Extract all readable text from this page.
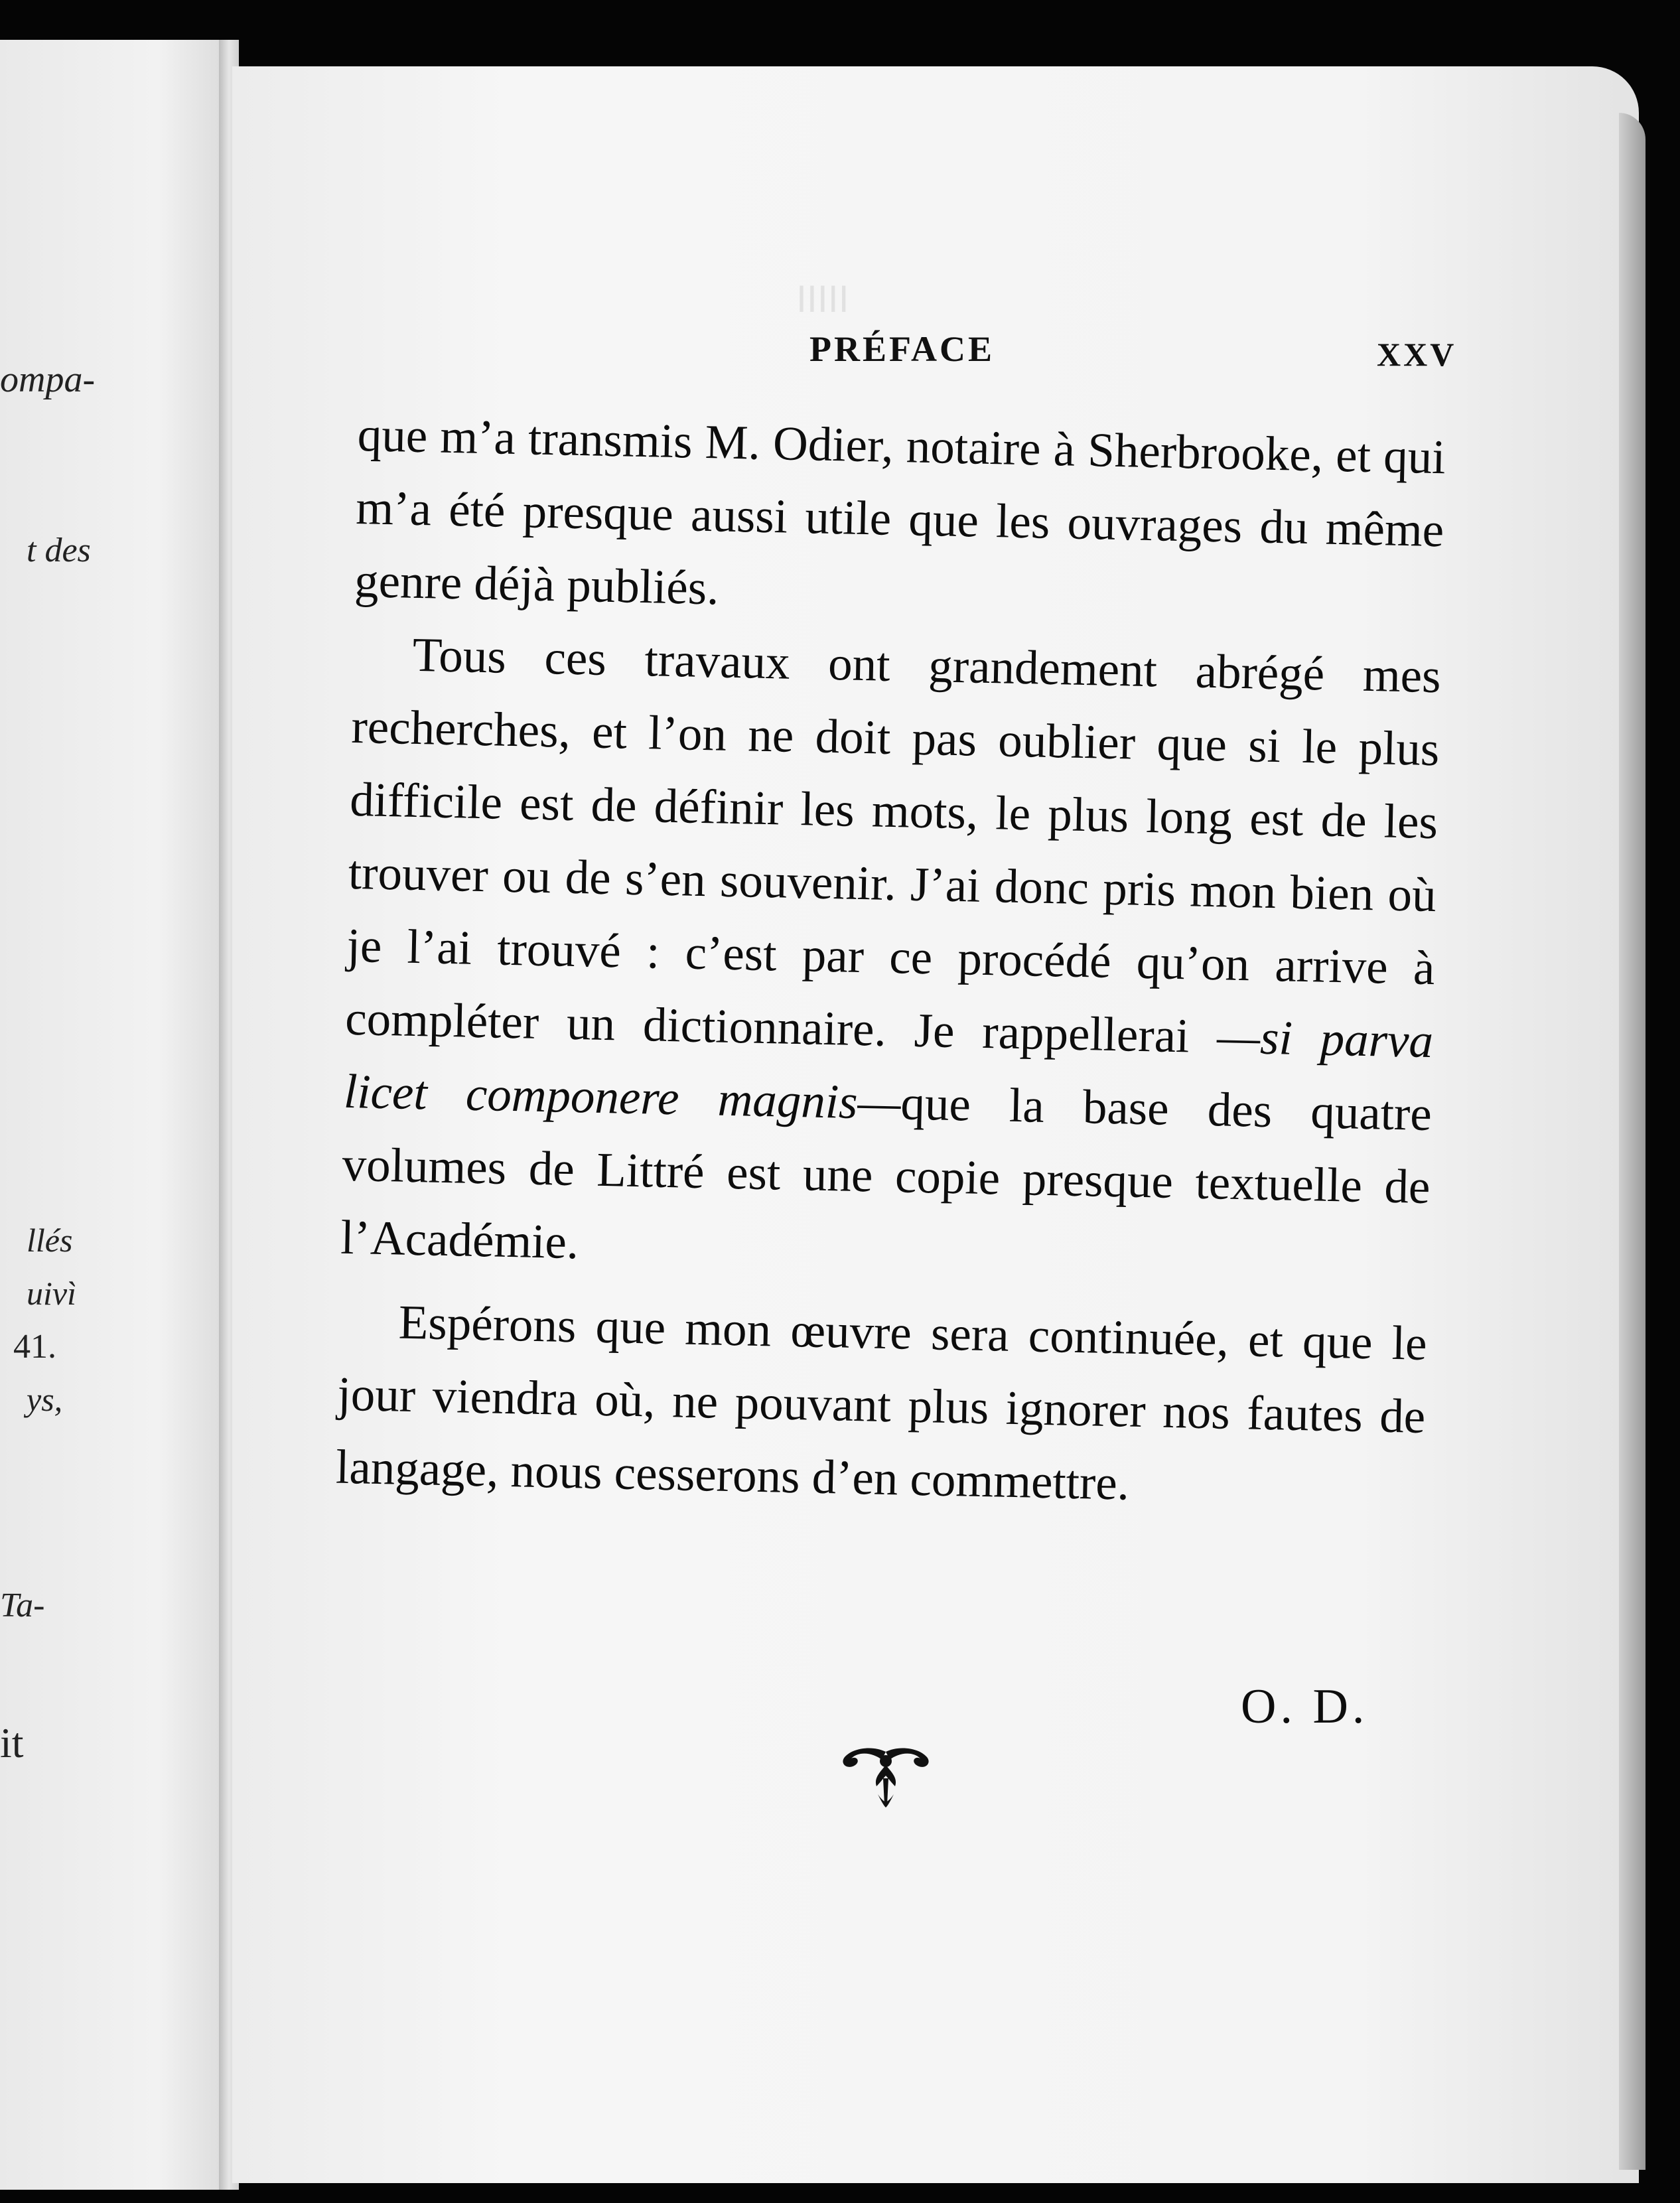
ompa-
t des
llés
uivì
41.
ys,
Ta-
it
ⅠⅠⅠⅠⅠ
PRÉFACE	XXV

que m’a transmis M. Odier, notaire à Sherbrooke, et qui m’a été presque aussi utile que les ouvrages du même genre déjà publiés.

Tous ces travaux ont grandement abrégé mes recherches, et l’on ne doit pas oublier que si le plus difficile est de définir les mots, le plus long est de les trouver ou de s’en souvenir. J’ai donc pris mon bien où je l’ai trouvé : c’est par ce procédé qu’on arrive à compléter un dictionnaire. Je rappellerai —si parva licet componere magnis—que la base des quatre volumes de Littré est une copie presque textuelle de l’Académie.

Espérons que mon œuvre sera continuée, et que le jour viendra où, ne pouvant plus ignorer nos fautes de langage, nous cesserons d’en commettre.

O. D.
